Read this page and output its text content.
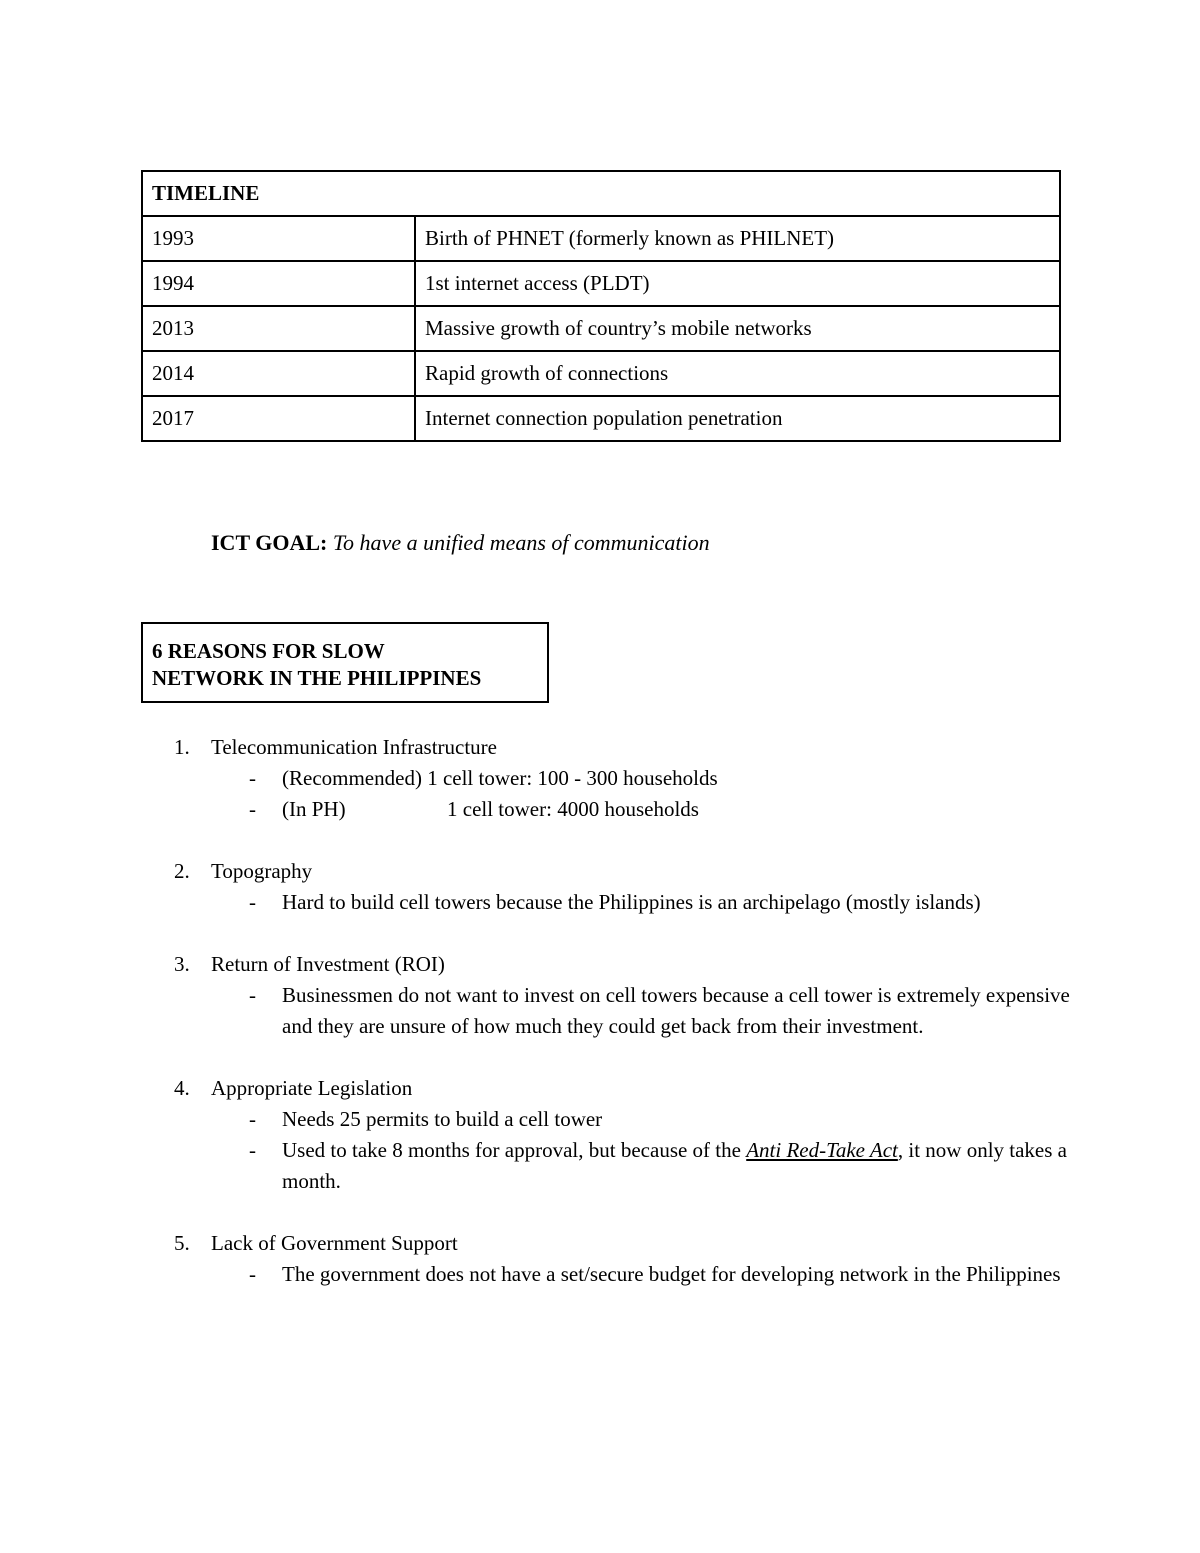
TIMELINE	
1993	Birth of PHNET (formerly known as PHILNET)
1994	1st internet access (PLDT)
2013	Massive growth of country’s mobile networks
2014	Rapid growth of connections
2017	Internet connection population penetration
ICT GOAL: To have a unified means of communication
6 REASONS FOR SLOW
NETWORK IN THE PHILIPPINES
1.	Telecommunication Infrastructure
- (Recommended) 1 cell tower: 100 - 300 households
- (In PH)	1 cell tower: 4000 households
2.	Topography
- Hard to build cell towers because the Philippines is an archipelago (mostly islands)
3.	Return of Investment (ROI)
- Businessmen do not want to invest on cell towers because a cell tower is extremely expensive and they are unsure of how much they could get back from their investment.
4.	Appropriate Legislation
- Needs 25 permits to build a cell tower
- Used to take 8 months for approval, but because of the Anti Red-Take Act, it now only takes a month.
5.	Lack of Government Support
- The government does not have a set/secure budget for developing network in the Philippines
